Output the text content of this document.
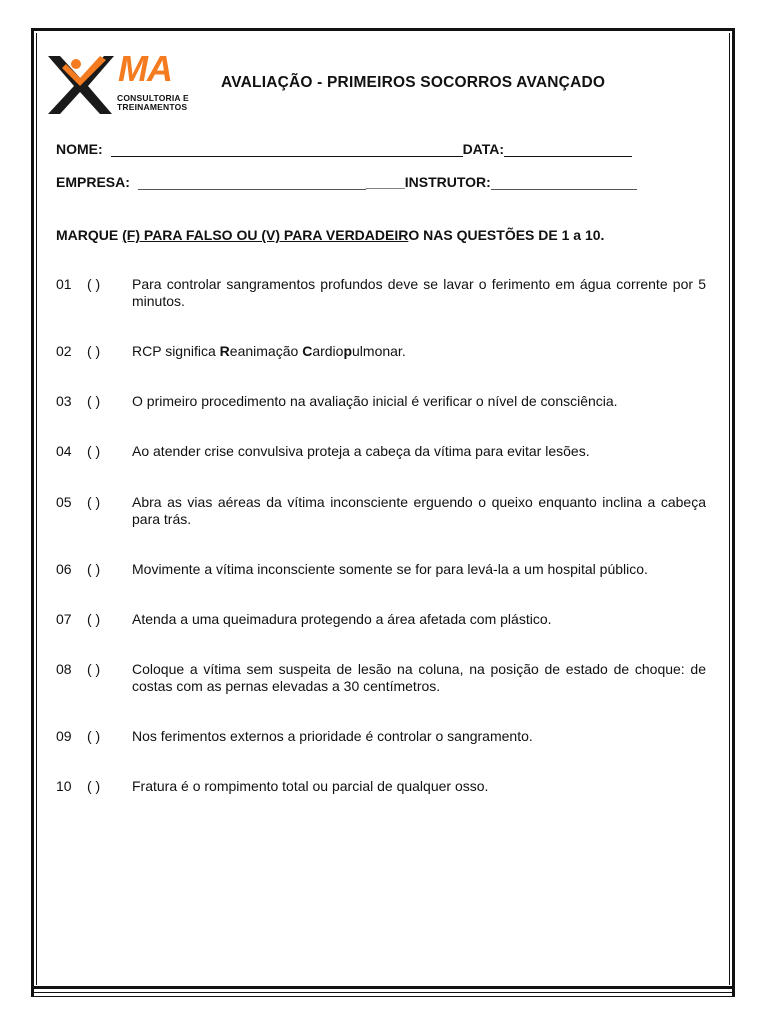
MA
CONSULTORIA E
TREINAMENTOS
AVALIAÇÃO - PRIMEIROS SOCORROS AVANÇADO
NOME:	DATA:
EMPRESA:	_____INSTRUTOR:
MARQUE (F) PARA FALSO OU (V) PARA VERDADEIRO NAS QUESTÕES DE 1 a 10.
01 ( ) Para controlar sangramentos profundos deve se lavar o ferimento em água corrente por 5 minutos.
02 ( ) RCP significa Reanimação Cardiopulmonar.
03 ( ) O primeiro procedimento na avaliação inicial é verificar o nível de consciência.
04 ( ) Ao atender crise convulsiva proteja a cabeça da vítima para evitar lesões.
05 ( ) Abra as vias aéreas da vítima inconsciente erguendo o queixo enquanto inclina a cabeça para trás.
06 ( ) Movimente a vítima inconsciente somente se for para levá-la a um hospital público.
07 ( ) Atenda a uma queimadura protegendo a área afetada com plástico.
08 ( ) Coloque a vítima sem suspeita de lesão na coluna, na posição de estado de choque: de costas com as pernas elevadas a 30 centímetros.
09 ( ) Nos ferimentos externos a prioridade é controlar o sangramento.
10 ( ) Fratura é o rompimento total ou parcial de qualquer osso.
